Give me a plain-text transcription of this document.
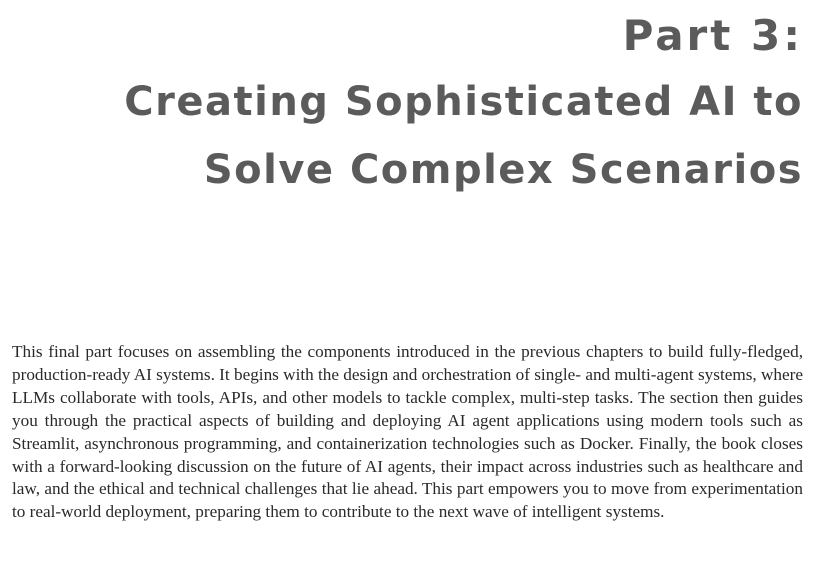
Part 3:
Creating Sophisticated AI to
Solve Complex Scenarios

This final part focuses on assembling the components introduced in the previous chapters to build fully-fledged, production-ready AI systems. It begins with the design and orchestration of single- and multi-agent systems, where LLMs collaborate with tools, APIs, and other models to tackle complex, multi-step tasks. The section then guides you through the practical aspects of building and deploying AI agent applications using modern tools such as Streamlit, asynchronous programming, and containerization technologies such as Docker. Finally, the book closes with a forward-looking discussion on the future of AI agents, their impact across industries such as healthcare and law, and the ethical and technical challenges that lie ahead. This part empowers you to move from experimentation to real-world deployment, preparing them to contribute to the next wave of intelligent systems.
